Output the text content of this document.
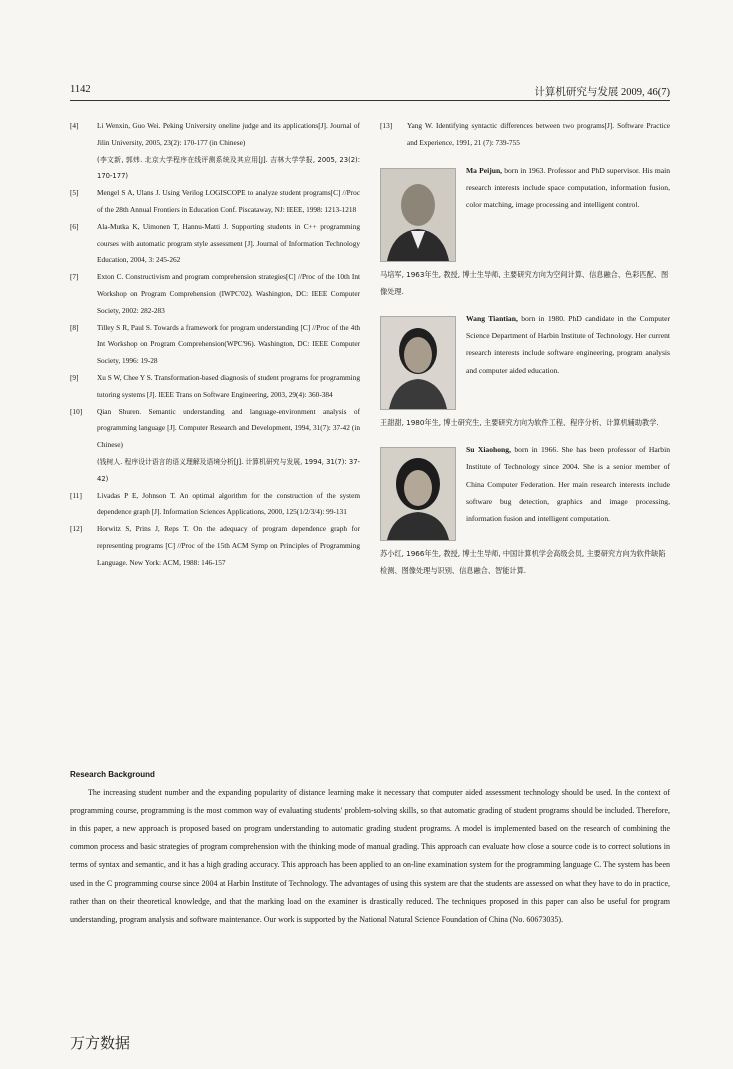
1142	计算机研究与发展 2009, 46(7)
[4]	Li Wenxin, Guo Wei. Peking University oneline judge and its applications[J]. Journal of Jilin University, 2005, 23(2): 170-177 (in Chinese)
(李文新, 郭炜. 北京大学程序在线评测系统及其应用[J]. 吉林大学学报, 2005, 23(2): 170-177)
[5]	Mengel S A, Ulans J. Using Verilog LOGISCOPE to analyze student programs[C] //Proc of the 28th Annual Frontiers in Education Conf. Piscataway, NJ: IEEE, 1998: 1213-1218
[6]	Ala-Mutka K, Uimonen T, Hannu-Matti J. Supporting students in C++ programming courses with automatic program style assessment [J]. Journal of Information Technology Education, 2004, 3: 245-262
[7]	Exton C. Constructivism and program comprehension strategies[C] //Proc of the 10th Int Workshop on Program Comprehension (IWPC'02). Washington, DC: IEEE Computer Society, 2002: 282-283
[8]	Tilley S R, Paul S. Towards a framework for program understanding [C] //Proc of the 4th Int Workshop on Program Comprehension(WPC'96). Washington, DC: IEEE Computer Society, 1996: 19-28
[9]	Xu S W, Chee Y S. Transformation-based diagnosis of student programs for programming tutoring systems [J]. IEEE Trans on Software Engineering, 2003, 29(4): 360-384
[10] Qian Shuren. Semantic understanding and language-environment analysis of programming language [J]. Computer Research and Development, 1994, 31(7): 37-42 (in Chinese)
(钱树人. 程序设计语言的语义理解及语境分析[J]. 计算机研究与发展, 1994, 31(7): 37-42)
[11] Livadas P E, Johnson T. An optimal algorithm for the construction of the system dependence graph [J]. Information Sciences Applications, 2000, 125(1/2/3/4): 99-131
[12] Horwitz S, Prins J, Reps T. On the adequacy of program dependence graph for representing programs [C] //Proc of the 15th ACM Symp on Principles of Programming Language. New York: ACM, 1988: 146-157
[13] Yang W. Identifying syntactic differences between two programs[J]. Software Practice and Experience, 1991, 21 (7): 739-755
Ma Peijun, born in 1963. Professor and PhD supervisor. His main research interests include space computation, information fusion, color matching, image processing and intelligent control.
马培军, 1963年生, 教授, 博士生导师, 主要研究方向为空间计算、信息融合、色彩匹配、图像处理.
Wang Tiantian, born in 1980. PhD candidate in the Computer Science Department of Harbin Institute of Technology. Her current research interests include software engineering, program analysis and computer aided education.
王甜甜, 1980年生, 博士研究生, 主要研究方向为软件工程、程序分析、计算机辅助教学.
Su Xiaohong, born in 1966. She has been professor of Harbin Institute of Technology since 2004. She is a senior member of China Computer Federation. Her main research interests include software bug detection, graphics and image processing, information fusion and intelligent computation.
苏小红, 1966年生, 教授, 博士生导师, 中国计算机学会高级会员, 主要研究方向为软件缺陷检测、图像处理与识别、信息融合、智能计算.
Research Background
The increasing student number and the expanding popularity of distance learning make it necessary that computer aided assessment technology should be used. In the context of programming course, programming is the most common way of evaluating students' problem-solving skills, so that automatic grading of student programs should be included. Therefore, in this paper, a new approach is proposed based on program understanding to automatic grading student programs. A model is implemented based on the research of combining the common process and basic strategies of program comprehension with the thinking mode of manual grading. This approach can evaluate how close a source code is to correct solutions in terms of syntax and semantic, and it has a high grading accuracy. This approach has been applied to an on-line examination system for the programming language C. The system has been used in the C programming course since 2004 at Harbin Institute of Technology. The advantages of using this system are that the students are assessed on what they have to do in practice, rather than on their theoretical knowledge, and that the marking load on the examiner is drastically reduced. The techniques proposed in this paper can also be useful for program understanding, program analysis and software maintenance. Our work is supported by the National Natural Science Foundation of China (No. 60673035).
万方数据
